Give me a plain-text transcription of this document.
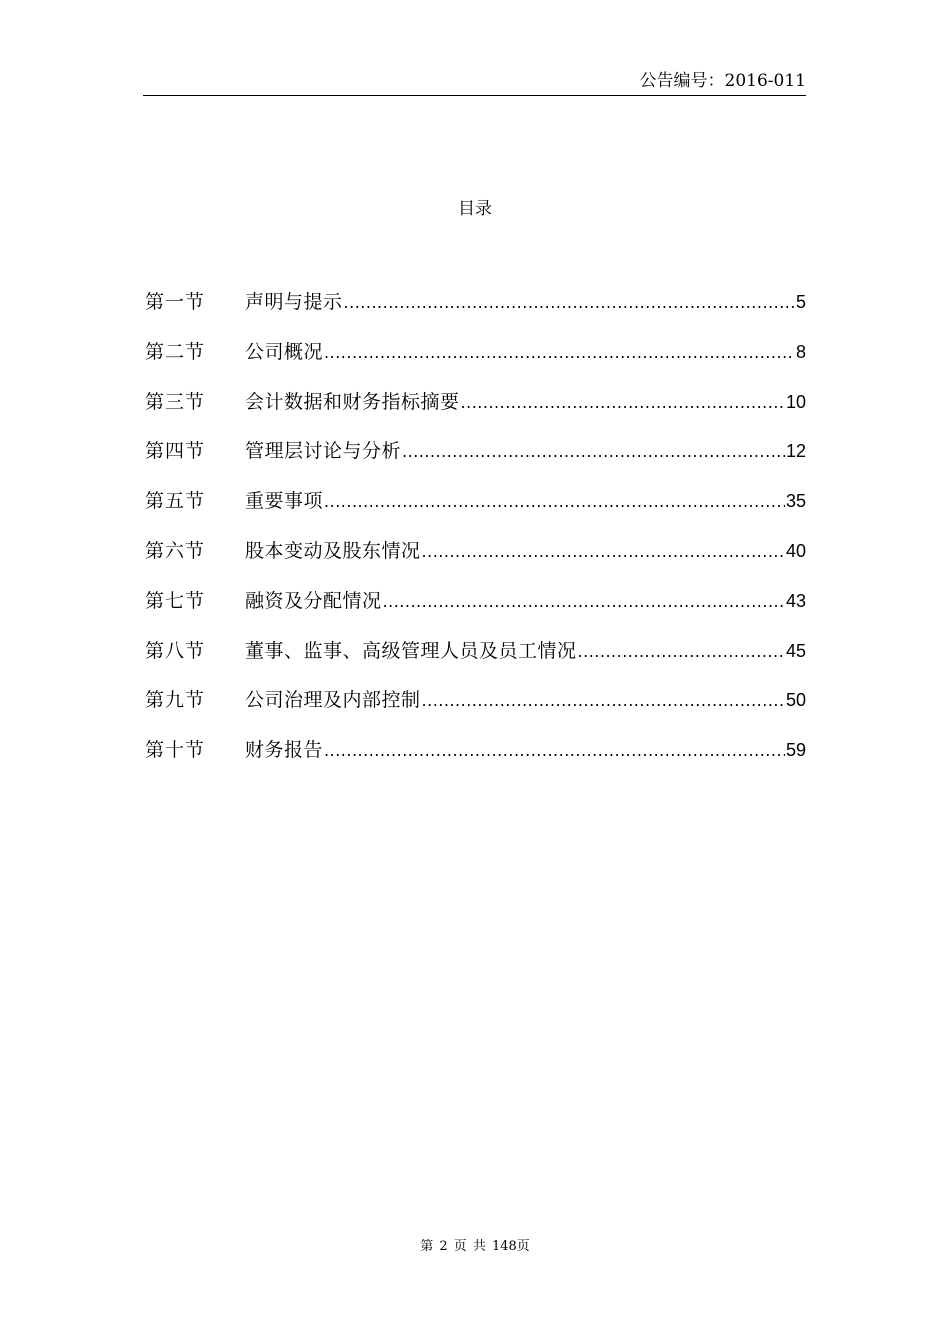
公告编号：2016-011
目录
第一节	声明与提示 .....	5
第二节	公司概况 .....	8
第三节	会计数据和财务指标摘要 .....	10
第四节	管理层讨论与分析 .....	12
第五节	重要事项 .....	35
第六节	股本变动及股东情况 .....	40
第七节	融资及分配情况 .....	43
第八节	董事、监事、高级管理人员及员工情况 .....	45
第九节	公司治理及内部控制 .....	50
第十节	财务报告 .....	59
第 2 页 共 148页
